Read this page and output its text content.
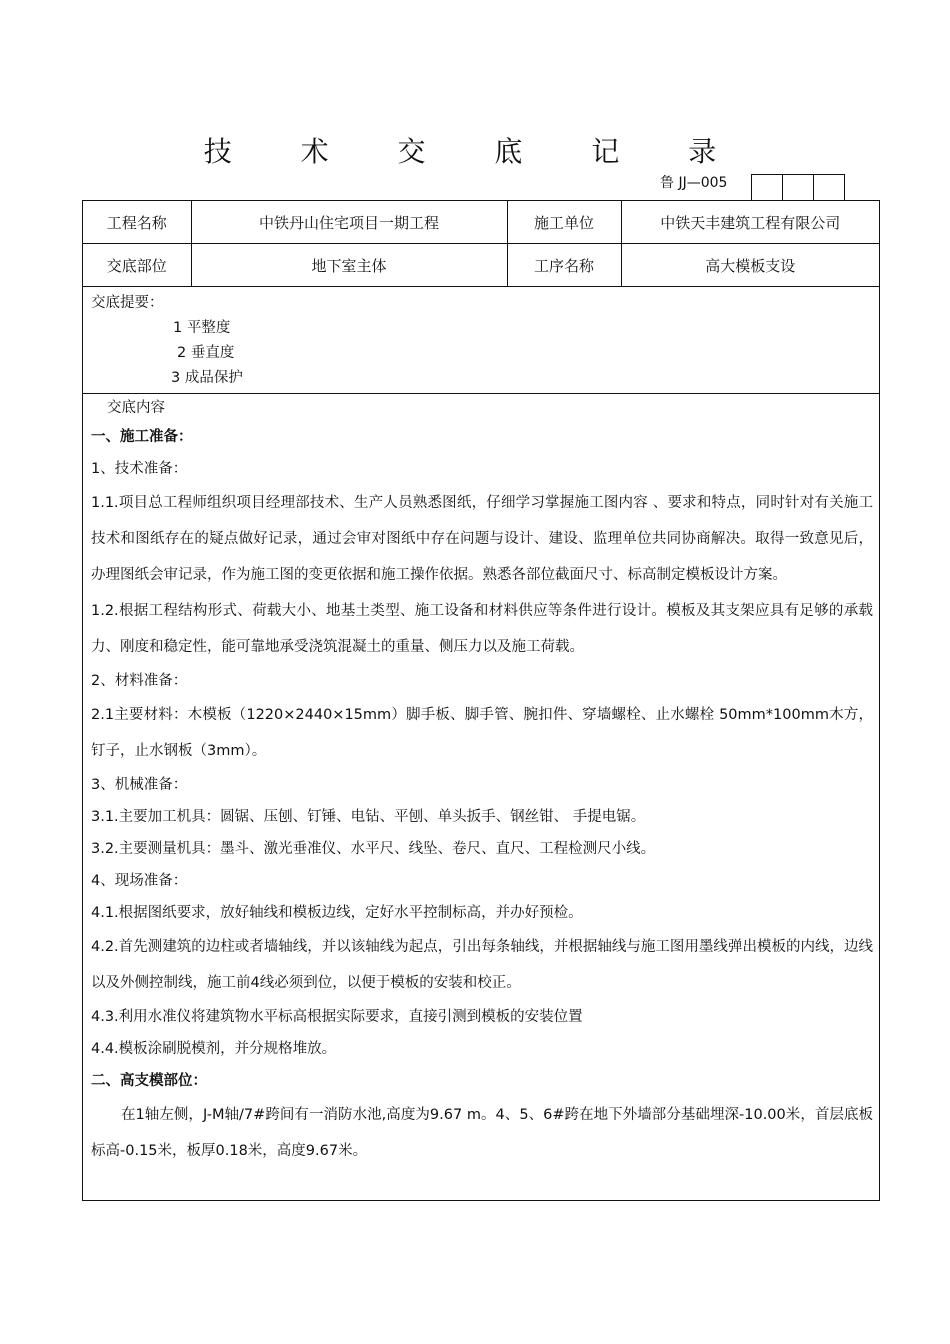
技 术 交 底 记 录
鲁 JJ—005
工程名称	中铁丹山住宅项目一期工程	施工单位	中铁天丰建筑工程有限公司
交底部位	地下室主体	工序名称	高大模板支设

交底提要：

1 平整度

2 垂直度

3 成品保护

交底内容

一、施工准备：

1、技术准备：

1.1.项目总工程师组织项目经理部技术、生产人员熟悉图纸，仔细学习掌握施工图内容 、要求和特点，同时针对有关施工技术和图纸存在的疑点做好记录，通过会审对图纸中存在问题与设计、建设、监理单位共同协商解决。取得一致意见后，办理图纸会审记录，作为施工图的变更依据和施工操作依据。熟悉各部位截面尺寸、标高制定模板设计方案。

1.2.根据工程结构形式、荷载大小、地基土类型、施工设备和材料供应等条件进行设计。模板及其支架应具有足够的承载力、刚度和稳定性，能可靠地承受浇筑混凝土的重量、侧压力以及施工荷载。

2、材料准备：

2.1主要材料：木模板（1220×2440×15mm）脚手板、脚手管、腕扣件、穿墙螺栓、止水螺栓 50mm*100mm木方，钉子，止水钢板（3mm）。

3、机械准备：

3.1.主要加工机具：圆锯、压刨、钉锤、电钻、平刨、单头扳手、钢丝钳、 手提电锯。

3.2.主要测量机具：墨斗、激光垂准仪、水平尺、线坠、卷尺、直尺、工程检测尺小线。

4、现场准备：

4.1.根据图纸要求，放好轴线和模板边线，定好水平控制标高，并办好预检。

4.2.首先测建筑的边柱或者墙轴线，并以该轴线为起点，引出每条轴线，并根据轴线与施工图用墨线弹出模板的内线，边线以及外侧控制线，施工前4线必须到位，以便于模板的安装和校正。

4.3.利用水准仪将建筑物水平标高根据实际要求，直接引测到模板的安装位置

4.4.模板涂刷脱模剂，并分规格堆放。

二、高支模部位：

在1轴左侧，J-M轴/7#跨间有一消防水池,高度为9.67 m。4、5、6#跨在地下外墙部分基础埋深-10.00米，首层底板标高-0.15米，板厚0.18米，高度9.67米。
